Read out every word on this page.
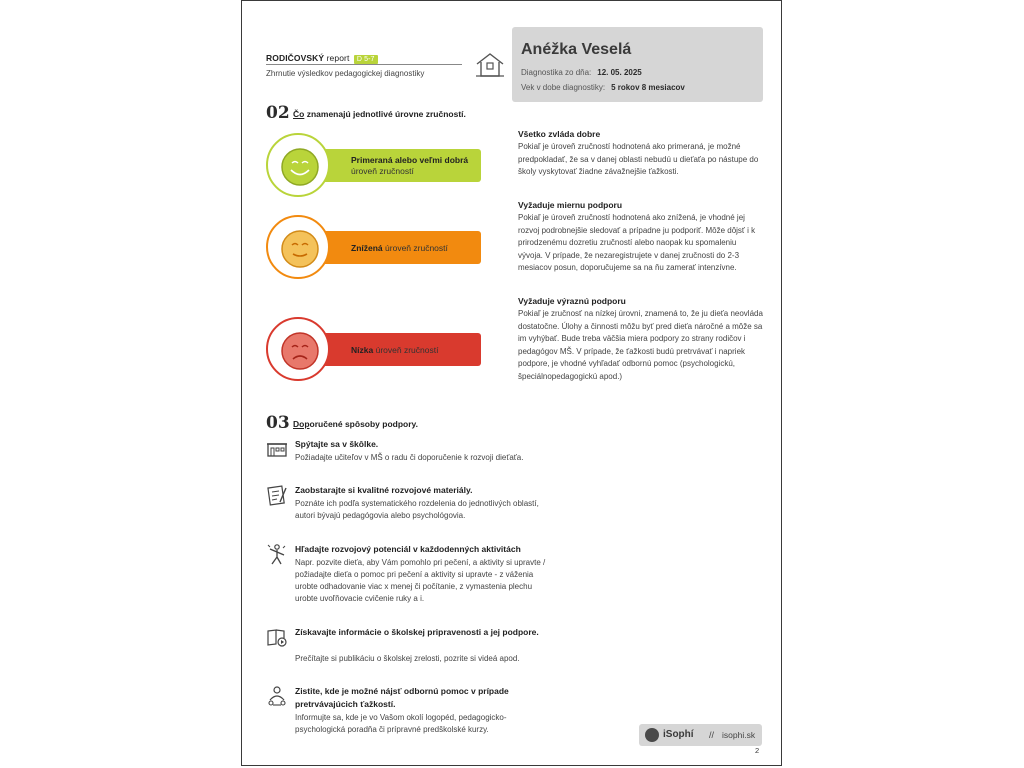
RODIČOVSKÝ report D 5-7
Zhrnutie výsledkov pedagogickej diagnostiky
Anéžka Veselá
Diagnostika zo dňa: 12. 05. 2025
Vek v dobe diagnostiky: 5 rokov 8 mesiacov
02 Čo znamenajú jednotlivé úrovne zručností.
Primeraná alebo veľmi dobrá úroveň zručností
Znížená úroveň zručností
Nízka úroveň zručností
Všetko zvláda dobre

Pokiaľ je úroveň zručností hodnotená ako primeraná, je možné predpokladať, že sa v danej oblasti nebudú u dieťaťa po nástupe do školy vyskytovať žiadne závažnejšie ťažkosti.

Vyžaduje miernu podporu

Pokiaľ je úroveň zručností hodnotená ako znížená, je vhodné jej rozvoj podrobnejšie sledovať a prípadne ju podporiť. Môže dôjsť i k prirodzenému dozretiu zručností alebo naopak ku spomaleniu vývoja. V prípade, že nezaregistrujete v danej zručnosti do 2-3 mesiacov posun, doporučujeme sa na ňu zamerať intenzívne.

Vyžaduje výraznú podporu

Pokiaľ je zručnosť na nízkej úrovni, znamená to, že ju dieťa neovláda dostatočne. Úlohy a činnosti môžu byť pred dieťa náročné a môže sa im vyhýbať. Bude treba väčšia miera podpory zo strany rodičov i pedagógov MŠ. V prípade, že ťažkosti budú pretrvávať i napriek podpore, je vhodné vyhľadať odbornú pomoc (psychologickú, špeciálnopedagogickú apod.)

03 Doporučené spôsoby podpory.
Spýtajte sa v škôlke.
Požiadajte učiteľov v MŠ o radu či doporučenie k rozvoji dieťaťa.
Zaobstarajte si kvalitné rozvojové materiály.
Poznáte ich podľa systematického rozdelenia do jednotlivých oblastí, autori bývajú pedagógovia alebo psychológovia.
Hľadajte rozvojový potenciál v každodenných aktivitách
Napr. pozvite dieťa, aby Vám pomohlo pri pečení, a aktivity si upravte / požiadajte dieťa o pomoc pri pečení a aktivity si upravte - z váženia urobte odhadovanie viac x menej či počítanie, z vymastenia plechu urobte uvoľňovacie cvičenie ruky a i.
Získavajte informácie o školskej pripravenosti a jej podpore.
Prečítajte si publikáciu o školskej zrelosti, pozrite si videá apod.
Zistite, kde je možné nájsť odbornú pomoc v prípade pretrvávajúcich ťažkostí.
Informujte sa, kde je vo Vašom okolí logopéd, pedagogicko-psychologická poradňa či prípravné predškolské kurzy.	iSophí // isophi.sk
2
